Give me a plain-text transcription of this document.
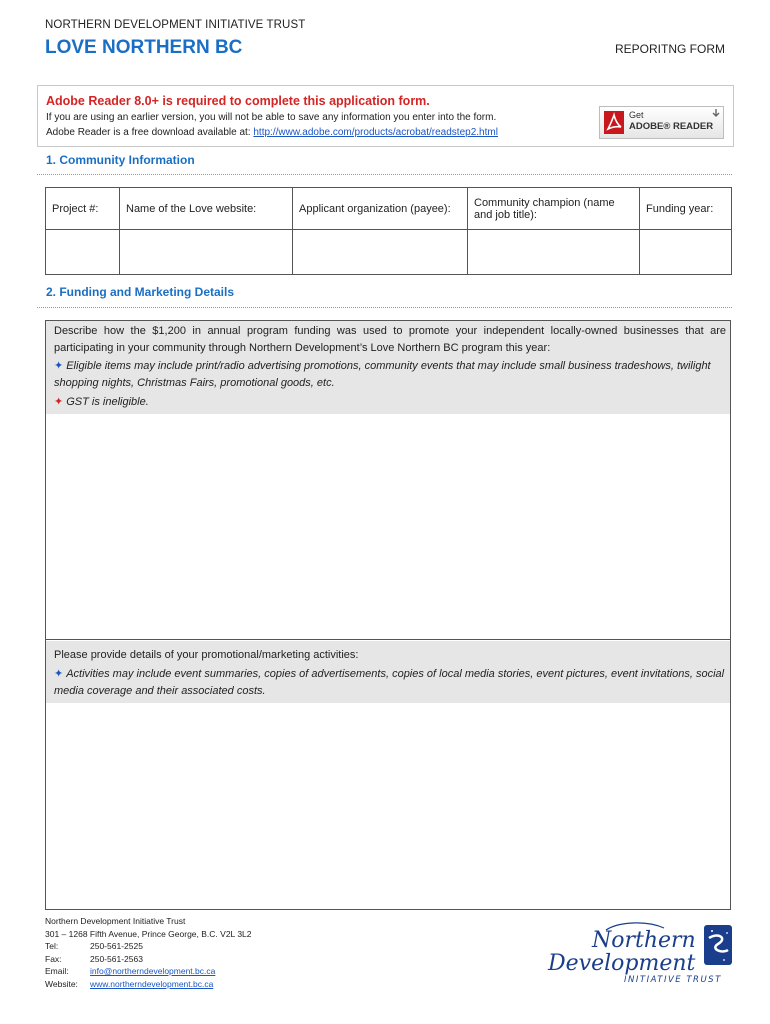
NORTHERN DEVELOPMENT INITIATIVE TRUST
LOVE NORTHERN BC	REPORITNG FORM
Adobe Reader 8.0+ is required to complete this application form.
If you are using an earlier version, you will not be able to save any information you enter into the form.
Adobe Reader is a free download available at: http://www.adobe.com/products/acrobat/readstep2.html
Get
ADOBE® READER
1. Community Information
Project #:	Name of the Love website:	Applicant organization (payee):	Community champion (name and job title):	Funding year:

2. Funding and Marketing Details
Describe how the $1,200 in annual program funding was used to promote your independent locally-owned businesses that are participating in your community through Northern Development’s Love Northern BC program this year:
✦ Eligible items may include print/radio advertising promotions, community events that may include small business tradeshows, twilight shopping nights, Christmas Fairs, promotional goods, etc.
✦ GST is ineligible.
Please provide details of your promotional/marketing activities:
✦ Activities may include event summaries, copies of advertisements, copies of local media stories, event pictures, event invitations, social media coverage and their associated costs.
Northern Development Initiative Trust
301 – 1268 Fifth Avenue, Prince George, B.C. V2L 3L2
Tel:	250-561-2525
Fax:	250-561-2563
Email:	info@northerndevelopment.bc.ca
Website: www.northerndevelopment.bc.ca
Northern
Development
INITIATIVE TRUST
